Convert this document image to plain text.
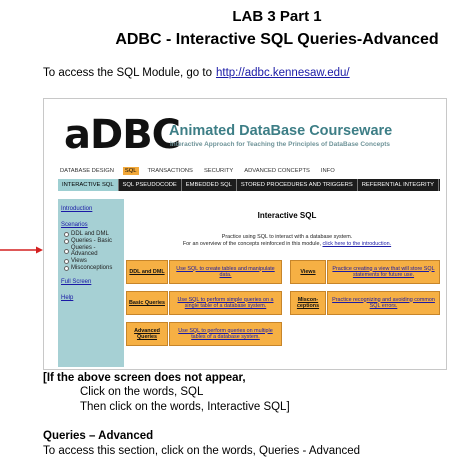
LAB 3 Part 1
ADBC - Interactive SQL Queries-Advanced
To access the SQL Module, go to http://adbc.kennesaw.edu/
aDBC
Animated DataBase Courseware
Interactive Approach for Teaching the Principles of DataBase Concepts
DATABASE DESIGN	SQL	TRANSACTIONS	SECURITY	ADVANCED CONCEPTS	INFO
INTERACTIVE SQL	SQL PSEUDOCODE	EMBEDDED SQL	STORED PROCEDURES AND TRIGGERS	REFERENTIAL INTEGRITY
Introduction
Scenarios
DDL and DML
Queries - Basic
Queries - Advanced
Views
Misconceptions
Full Screen
Help
Interactive SQL
Practice using SQL to interact with a database system.
For an overview of the concepts reinforced in this module, click here to the introduction.
DDL and DML
Use SQL to create tables and manipulate data.
Basic Queries
Use SQL to perform simple queries on a single table of a database system.
Advanced Queries
Use SQL to perform queries on multiple tables of a database system.
Views
Practice creating a view that will store SQL statements for future use.
Miscon-ceptions
Practice recognizing and avoiding common SQL errors.
[If the above screen does not appear,
Click on the words, SQL
Then click on the words, Interactive SQL]
Queries – Advanced
To access this section, click on the words, Queries - Advanced
